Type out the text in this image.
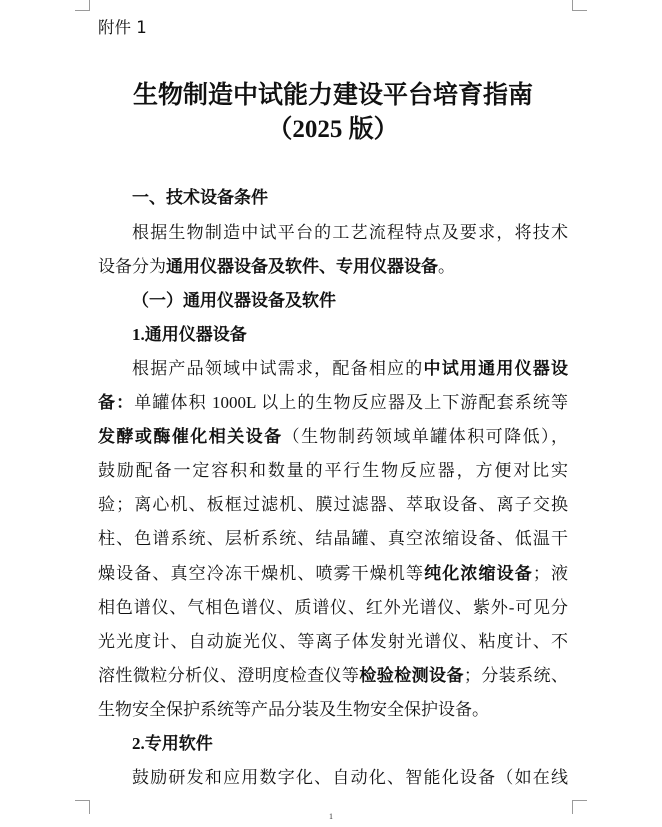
附件 1
生物制造中试能力建设平台培育指南
（2025 版）
一、技术设备条件
根据生物制造中试平台的工艺流程特点及要求，将技术
设备分为通用仪器设备及软件、专用仪器设备。
（一）通用仪器设备及软件
1.通用仪器设备
根据产品领域中试需求，配备相应的中试用通用仪器设
备：单罐体积 1000L 以上的生物反应器及上下游配套系统等
发酵或酶催化相关设备（生物制药领域单罐体积可降低），
鼓励配备一定容积和数量的平行生物反应器，方便对比实
验；离心机、板框过滤机、膜过滤器、萃取设备、离子交换
柱、色谱系统、层析系统、结晶罐、真空浓缩设备、低温干
燥设备、真空冷冻干燥机、喷雾干燥机等纯化浓缩设备；液
相色谱仪、气相色谱仪、质谱仪、红外光谱仪、紫外-可见分
光光度计、自动旋光仪、等离子体发射光谱仪、粘度计、不
溶性微粒分析仪、澄明度检查仪等检验检测设备；分装系统、
生物安全保护系统等产品分装及生物安全保护设备。
2.专用软件
鼓励研发和应用数字化、自动化、智能化设备（如在线
1
